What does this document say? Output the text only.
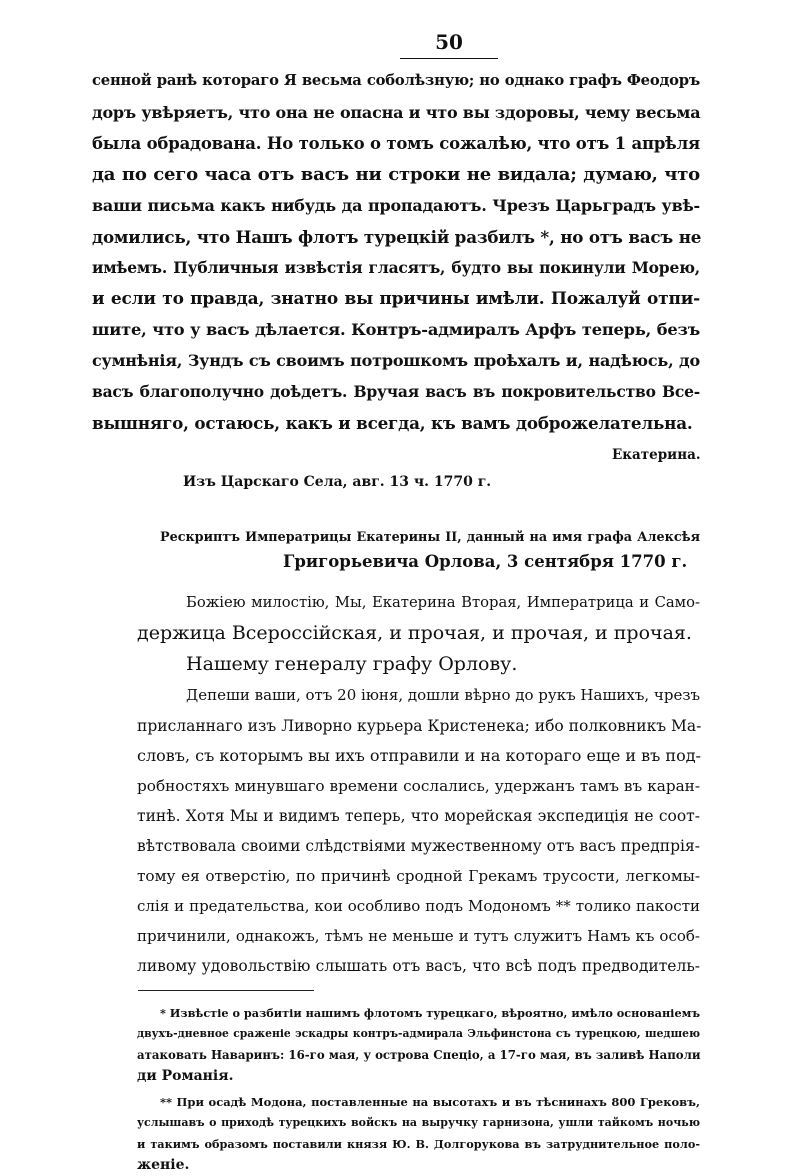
50
сенной ранѣ котораго Я весьма соболѣзную; но однако графъ Феодоръ
доръ увѣряетъ, что она не опасна и что вы здоровы, чему весьма
была обрадована. Но только о томъ сожалѣю, что отъ 1 апрѣля
да по сего часа отъ васъ ни строки не видала; думаю, что
ваши письма какъ нибудь да пропадаютъ. Чрезъ Царьградъ увѣ-
домились, что Нашъ флотъ турецкій разбилъ *, но отъ васъ не
имѣемъ. Публичныя извѣстія гласятъ, будто вы покинули Морею,
и если то правда, знатно вы причины имѣли. Пожалуй отпи-
шите, что у васъ дѣлается. Контръ-адмиралъ Арфъ теперь, безъ
сумнѣнія, Зундъ съ своимъ потрошкомъ проѣхалъ и, надѣюсь, до
васъ благополучно доѣдетъ. Вручая васъ въ покровительство Все-
вышняго, остаюсь, какъ и всегда, къ вамъ доброжелательна.
Екатерина.
Изъ Царскаго Села, авг. 13 ч. 1770 г.
Рескриптъ Императрицы Екатерины II, данный на имя графа Алексѣя
Григорьевича Орлова, 3 сентября 1770 г.
Божіею милостію, Мы, Екатерина Вторая, Императрица и Само-
держица Всероссійская, и прочая, и прочая, и прочая.
Нашему генералу графу Орлову.
Депеши ваши, отъ 20 іюня, дошли вѣрно до рукъ Нашихъ, чрезъ
присланнаго изъ Ливорно курьера Кристенека; ибо полковникъ Ма-
словъ, съ которымъ вы ихъ отправили и на котораго еще и въ под-
робностяхъ минувшаго времени сослались, удержанъ тамъ въ каран-
тинѣ. Хотя Мы и видимъ теперь, что морейская экспедиція не соот-
вѣтствовала своими слѣдствіями мужественному отъ васъ предпрія-
тому ея отверстію, по причинѣ сродной Грекамъ трусости, легкомы-
слія и предательства, кои особливо подъ Модономъ ** толико пакости
причинили, однакожъ, тѣмъ не меньше и тутъ служитъ Намъ къ особ-
ливому удовольствію слышать отъ васъ, что всѣ подъ предводитель-
* Извѣстіе о разбитіи нашимъ флотомъ турецкаго, вѣроятно, имѣло основаніемъ
двухъ-дневное сраженіе эскадры контръ-адмирала Эльфинстона съ турецкою, шедшею
атаковать Наваринъ: 16-го мая, у острова Спеціо, а 17-го мая, въ заливѣ Наполи
ди Романія.
** При осадѣ Модона, поставленные на высотахъ и въ тѣснинахъ 800 Грековъ,
услышавъ о приходѣ турецкихъ войскъ на выручку гарнизона, ушли тайкомъ ночью
и такимъ образомъ поставили князя Ю. В. Долгорукова въ затруднительное поло-
женіе.
